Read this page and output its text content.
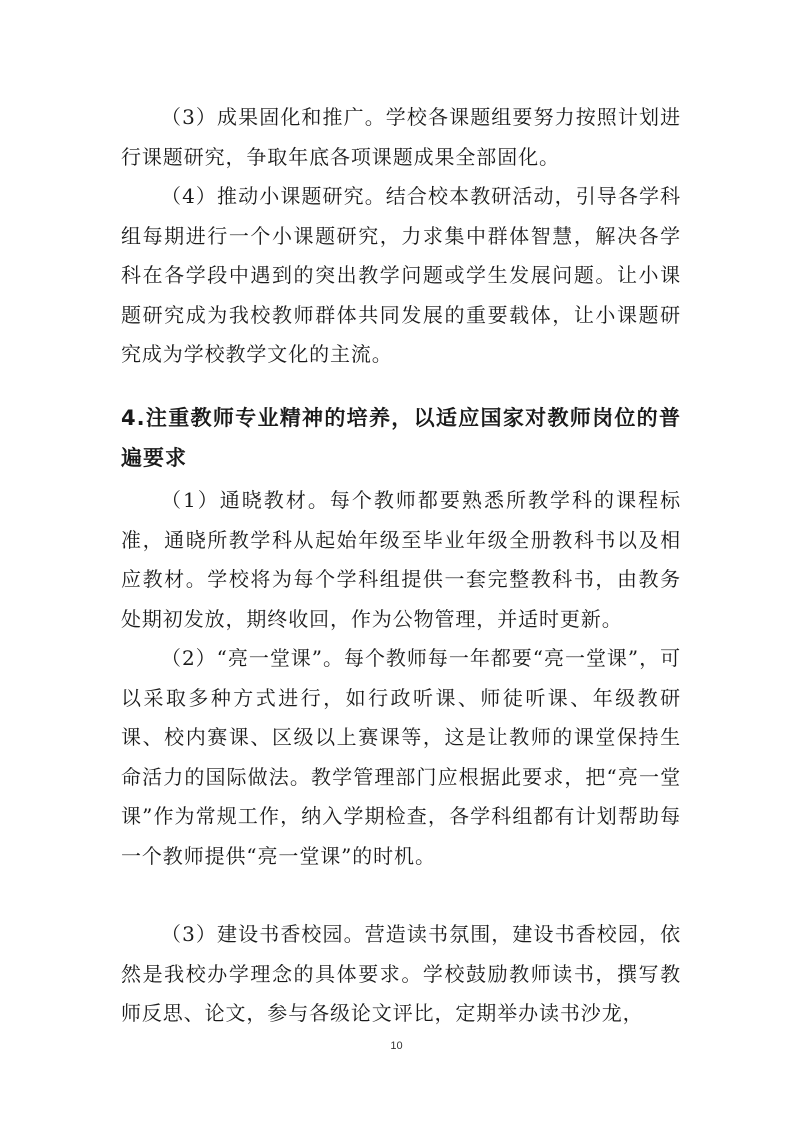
（3）成果固化和推广。学校各课题组要努力按照计划进行课题研究，争取年底各项课题成果全部固化。

（4）推动小课题研究。结合校本教研活动，引导各学科组每期进行一个小课题研究，力求集中群体智慧，解决各学科在各学段中遇到的突出教学问题或学生发展问题。让小课题研究成为我校教师群体共同发展的重要载体，让小课题研究成为学校教学文化的主流。

4.注重教师专业精神的培养，以适应国家对教师岗位的普遍要求

（1）通晓教材。每个教师都要熟悉所教学科的课程标准，通晓所教学科从起始年级至毕业年级全册教科书以及相应教材。学校将为每个学科组提供一套完整教科书，由教务处期初发放，期终收回，作为公物管理，并适时更新。

（2）“亮一堂课”。每个教师每一年都要“亮一堂课”，可以采取多种方式进行，如行政听课、师徒听课、年级教研课、校内赛课、区级以上赛课等，这是让教师的课堂保持生命活力的国际做法。教学管理部门应根据此要求，把“亮一堂课”作为常规工作，纳入学期检查，各学科组都有计划帮助每一个教师提供“亮一堂课”的时机。

（3）建设书香校园。营造读书氛围，建设书香校园，依然是我校办学理念的具体要求。学校鼓励教师读书，撰写教师反思、论文，参与各级论文评比，定期举办读书沙龙，

10
